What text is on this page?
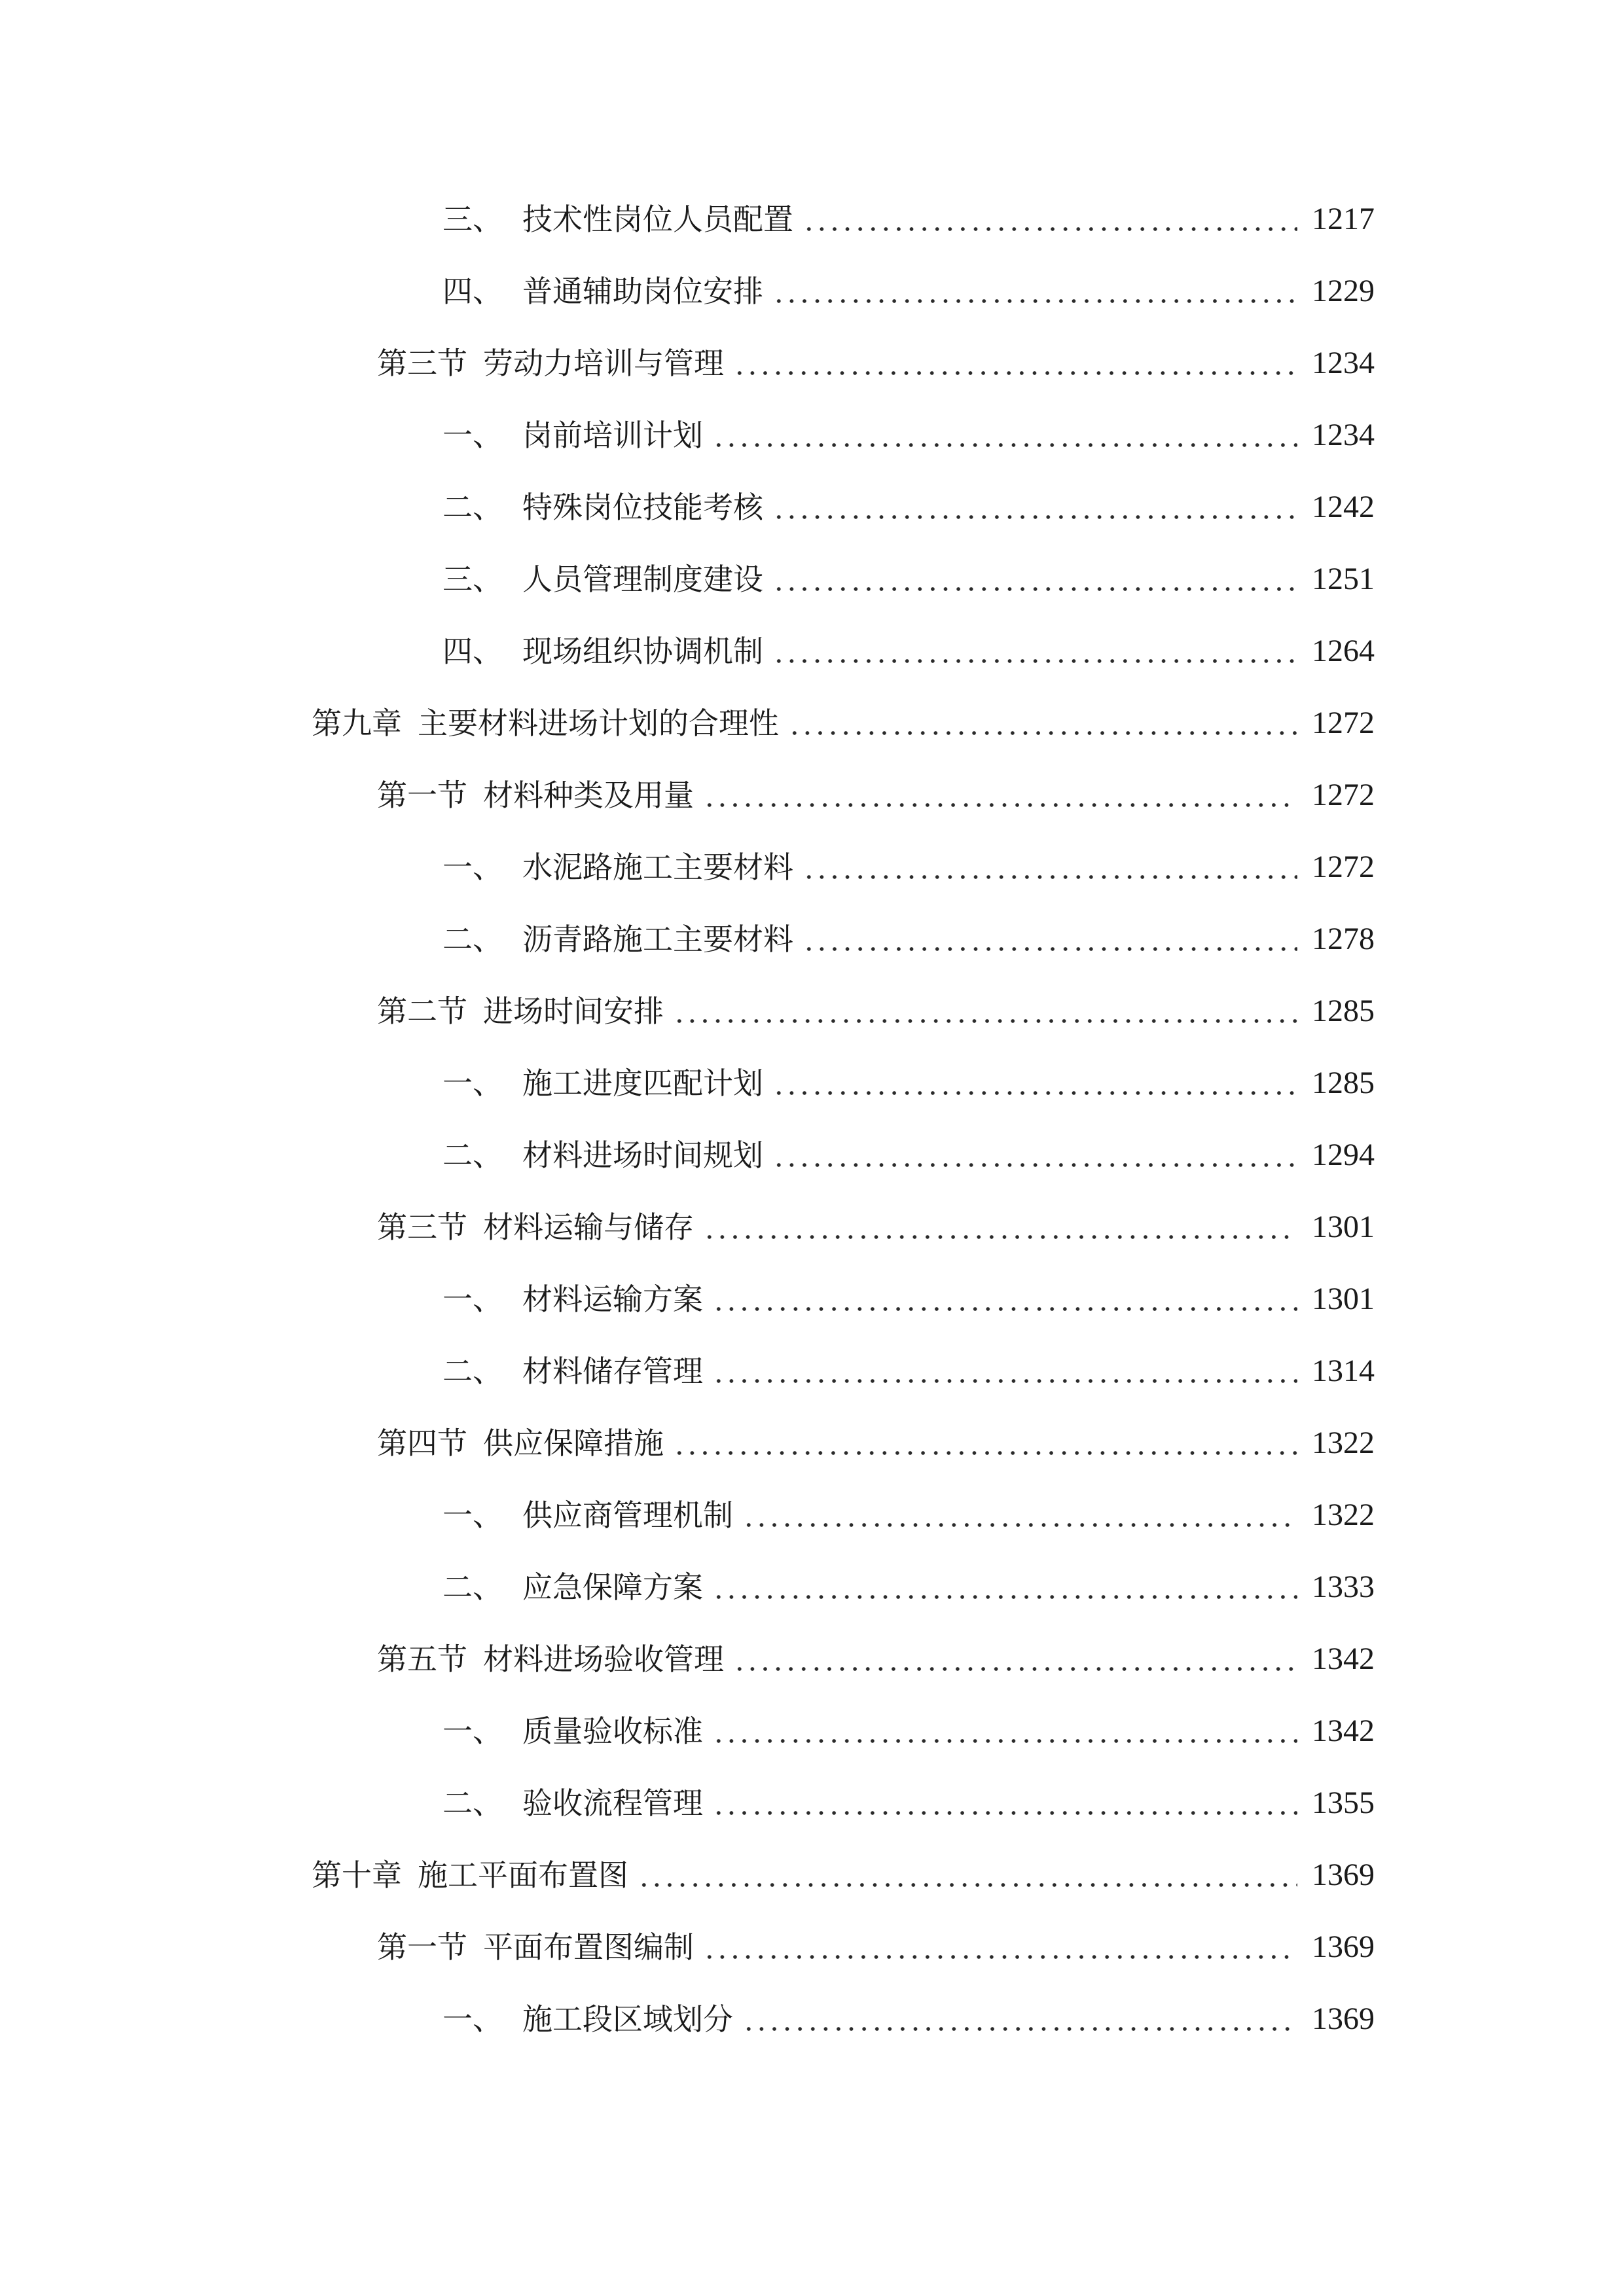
三、 技术性岗位人员配置	1217
四、 普通辅助岗位安排	1229
第三节 劳动力培训与管理	1234
一、 岗前培训计划	1234
二、 特殊岗位技能考核	1242
三、 人员管理制度建设	1251
四、 现场组织协调机制	1264
第九章 主要材料进场计划的合理性	1272
第一节 材料种类及用量	1272
一、 水泥路施工主要材料	1272
二、 沥青路施工主要材料	1278
第二节 进场时间安排	1285
一、 施工进度匹配计划	1285
二、 材料进场时间规划	1294
第三节 材料运输与储存	1301
一、 材料运输方案	1301
二、 材料储存管理	1314
第四节 供应保障措施	1322
一、 供应商管理机制	1322
二、 应急保障方案	1333
第五节 材料进场验收管理	1342
一、 质量验收标准	1342
二、 验收流程管理	1355
第十章 施工平面布置图	1369
第一节 平面布置图编制	1369
一、 施工段区域划分	1369
